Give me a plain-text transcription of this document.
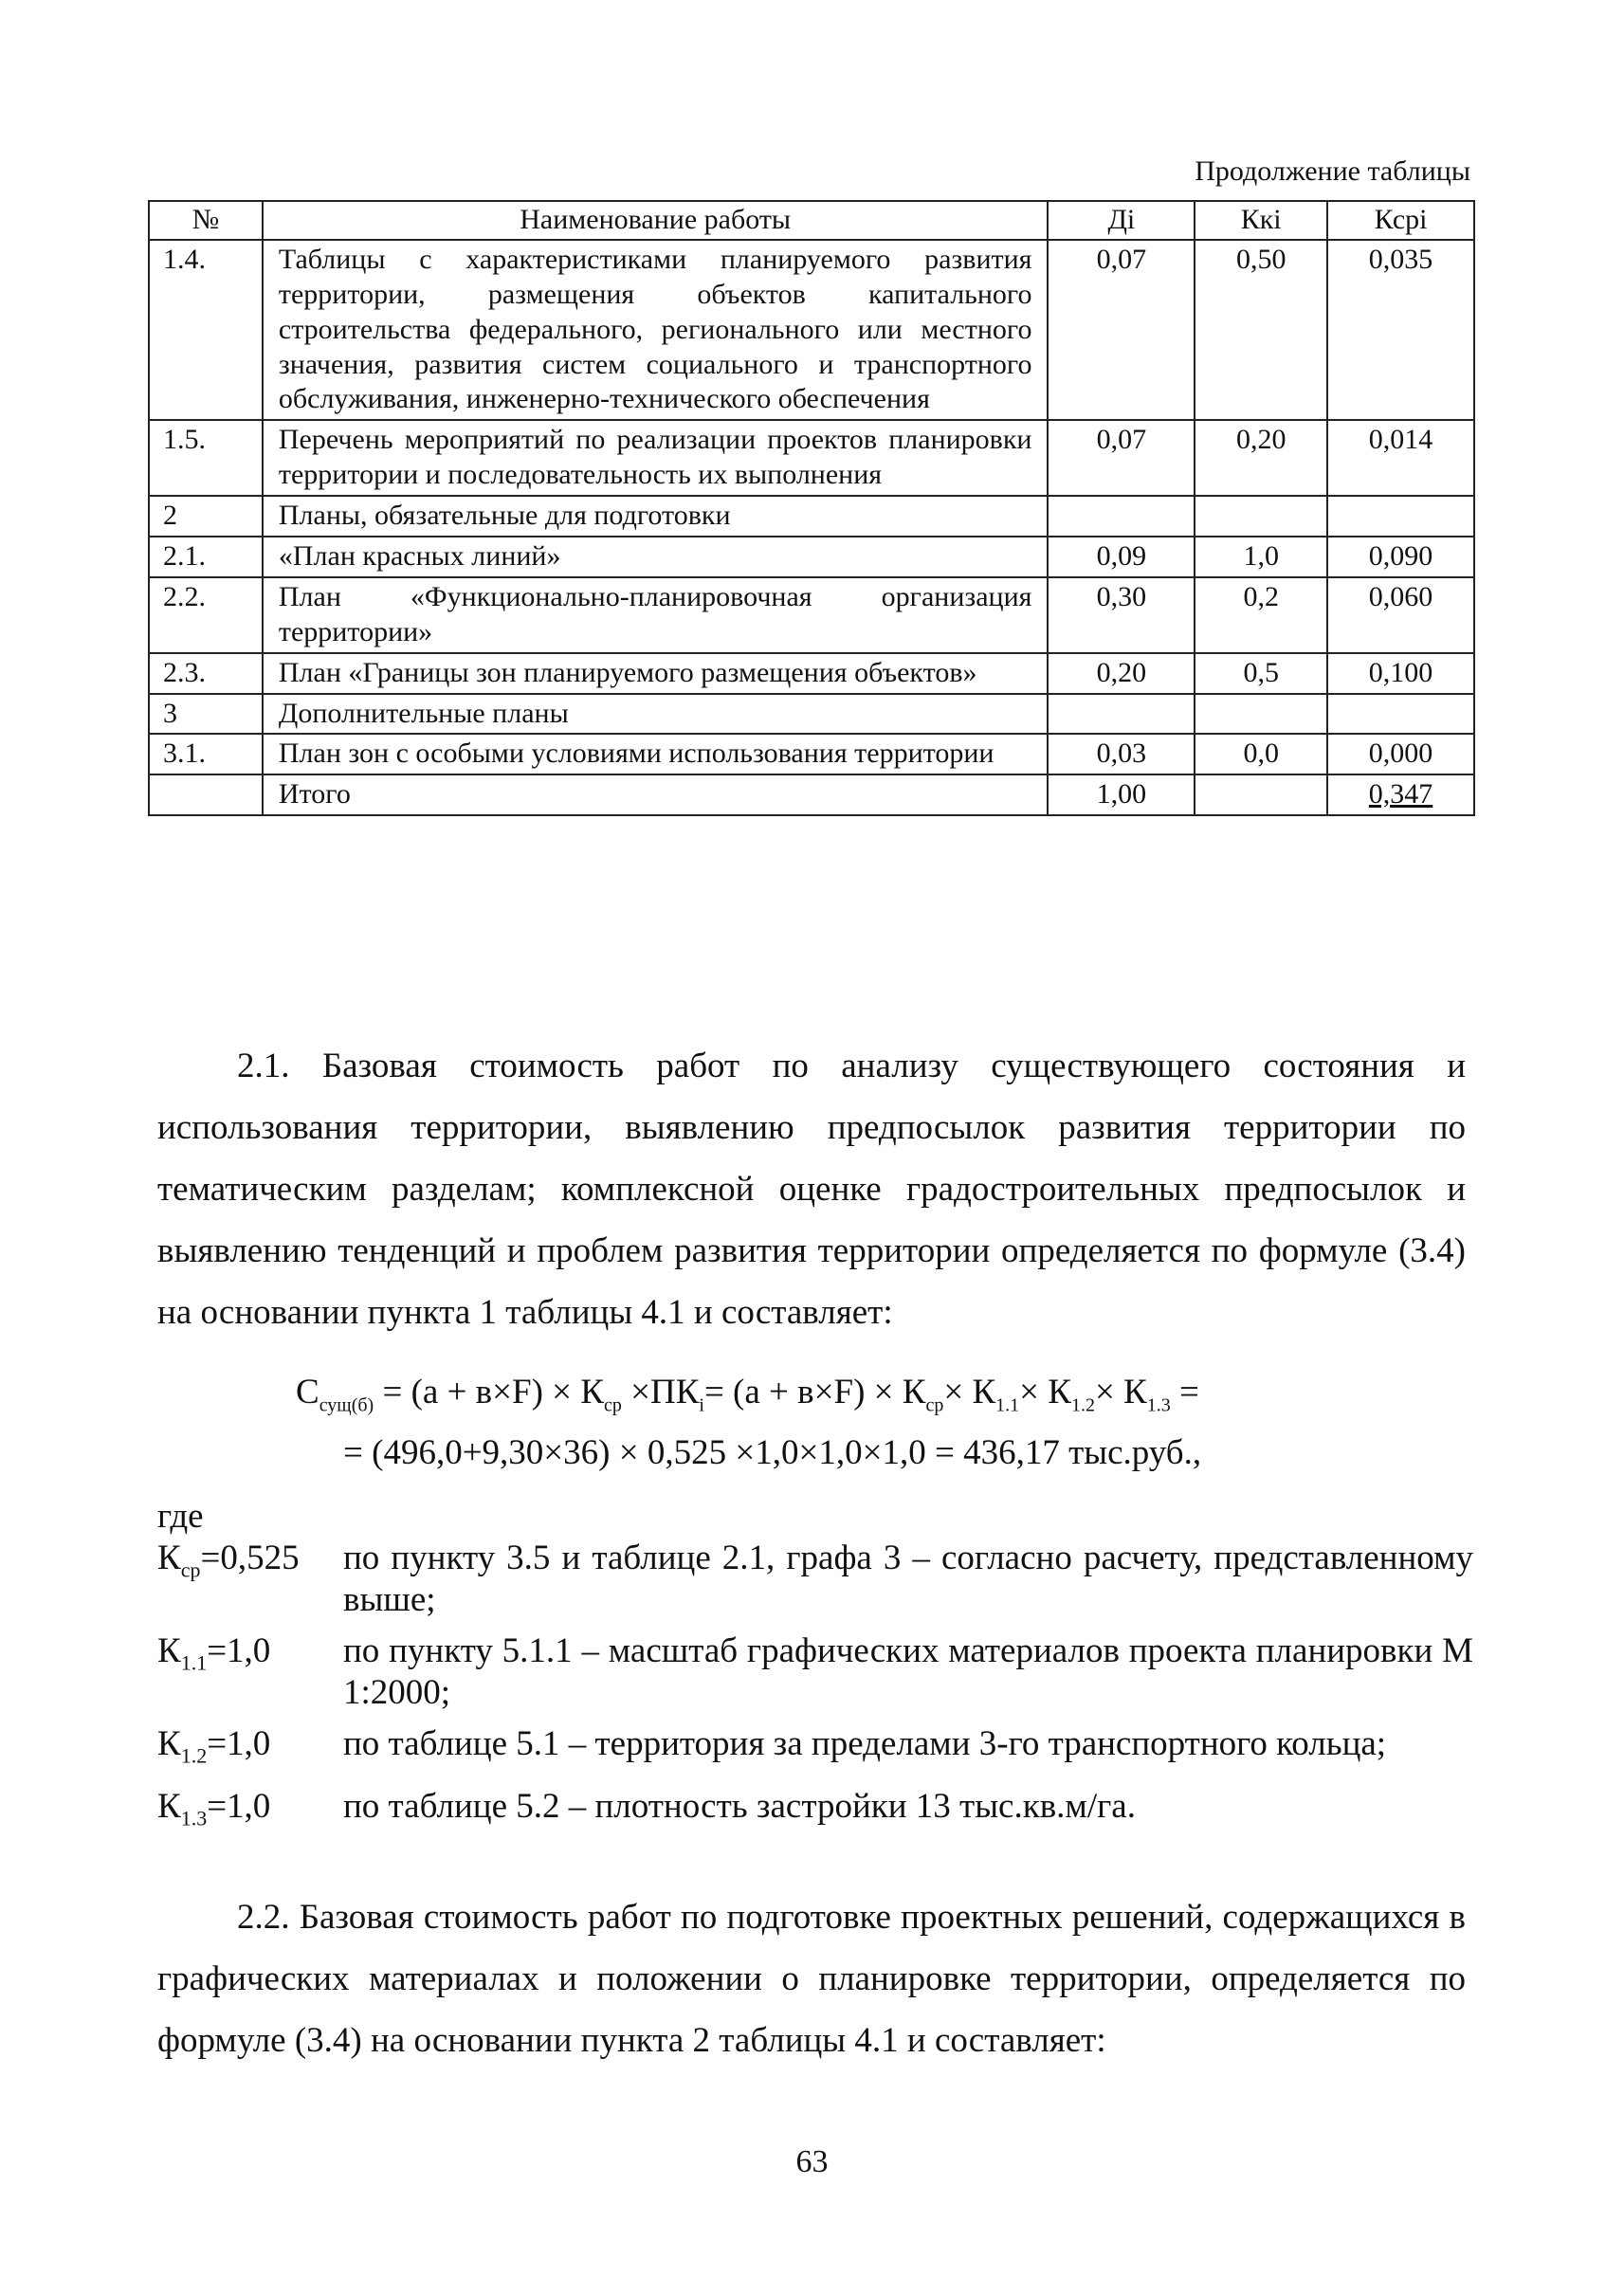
Продолжение таблицы
№	Наименование работы	Дi	Ккi	Ксрi
1.4.	Таблицы с характеристиками планируемого развития территории, размещения объектов капитального строительства федерального, регионального или местного значения, развития систем социального и транспортного обслуживания, инженерно-технического обеспечения	0,07	0,50	0,035
1.5.	Перечень мероприятий по реализации проектов планировки территории и последовательность их выполнения	0,07	0,20	0,014
2	Планы, обязательные для подготовки			
2.1.	«План красных линий»	0,09	1,0	0,090
2.2.	План «Функционально-планировочная организация территории»	0,30	0,2	0,060
2.3.	План «Границы зон планируемого размещения объектов»	0,20	0,5	0,100
3	Дополнительные планы			
3.1.	План зон с особыми условиями использования территории	0,03	0,0	0,000
	Итого	1,00		0,347
2.1. Базовая стоимость работ по анализу существующего состояния и использования территории, выявлению предпосылок развития территории по тематическим разделам; комплексной оценке градостроительных предпосылок и выявлению тенденций и проблем развития территории определяется по формуле (3.4) на основании пункта 1 таблицы 4.1 и составляет:
$С_{сущ(б)} = (а + в\times F) \times К_{ср} \times ПК_i= (а + в\times F) \times К_{ср}\times К_{1.1}\times К_{1.2}\times К_{1.3}$ =
= (496,0+9,30×36) × 0,525 ×1,0×1,0×1,0 = 436,17 тыс.руб.,
где
$К_{ср}=0,525$	по пункту 3.5 и таблице 2.1, графа 3 – согласно расчету, представленному выше;
$К_{1.1}=1,0$	по пункту 5.1.1 – масштаб графических материалов проекта планировки М 1:2000;
$К_{1.2}=1,0$	по таблице 5.1 – территория за пределами 3-го транспортного кольца;
$К_{1.3}=1,0$	по таблице 5.2 – плотность застройки 13 тыс.кв.м/га.
2.2. Базовая стоимость работ по подготовке проектных решений, содержащихся в графических материалах и положении о планировке территории, определяется по формуле (3.4) на основании пункта 2 таблицы 4.1 и составляет:
63
